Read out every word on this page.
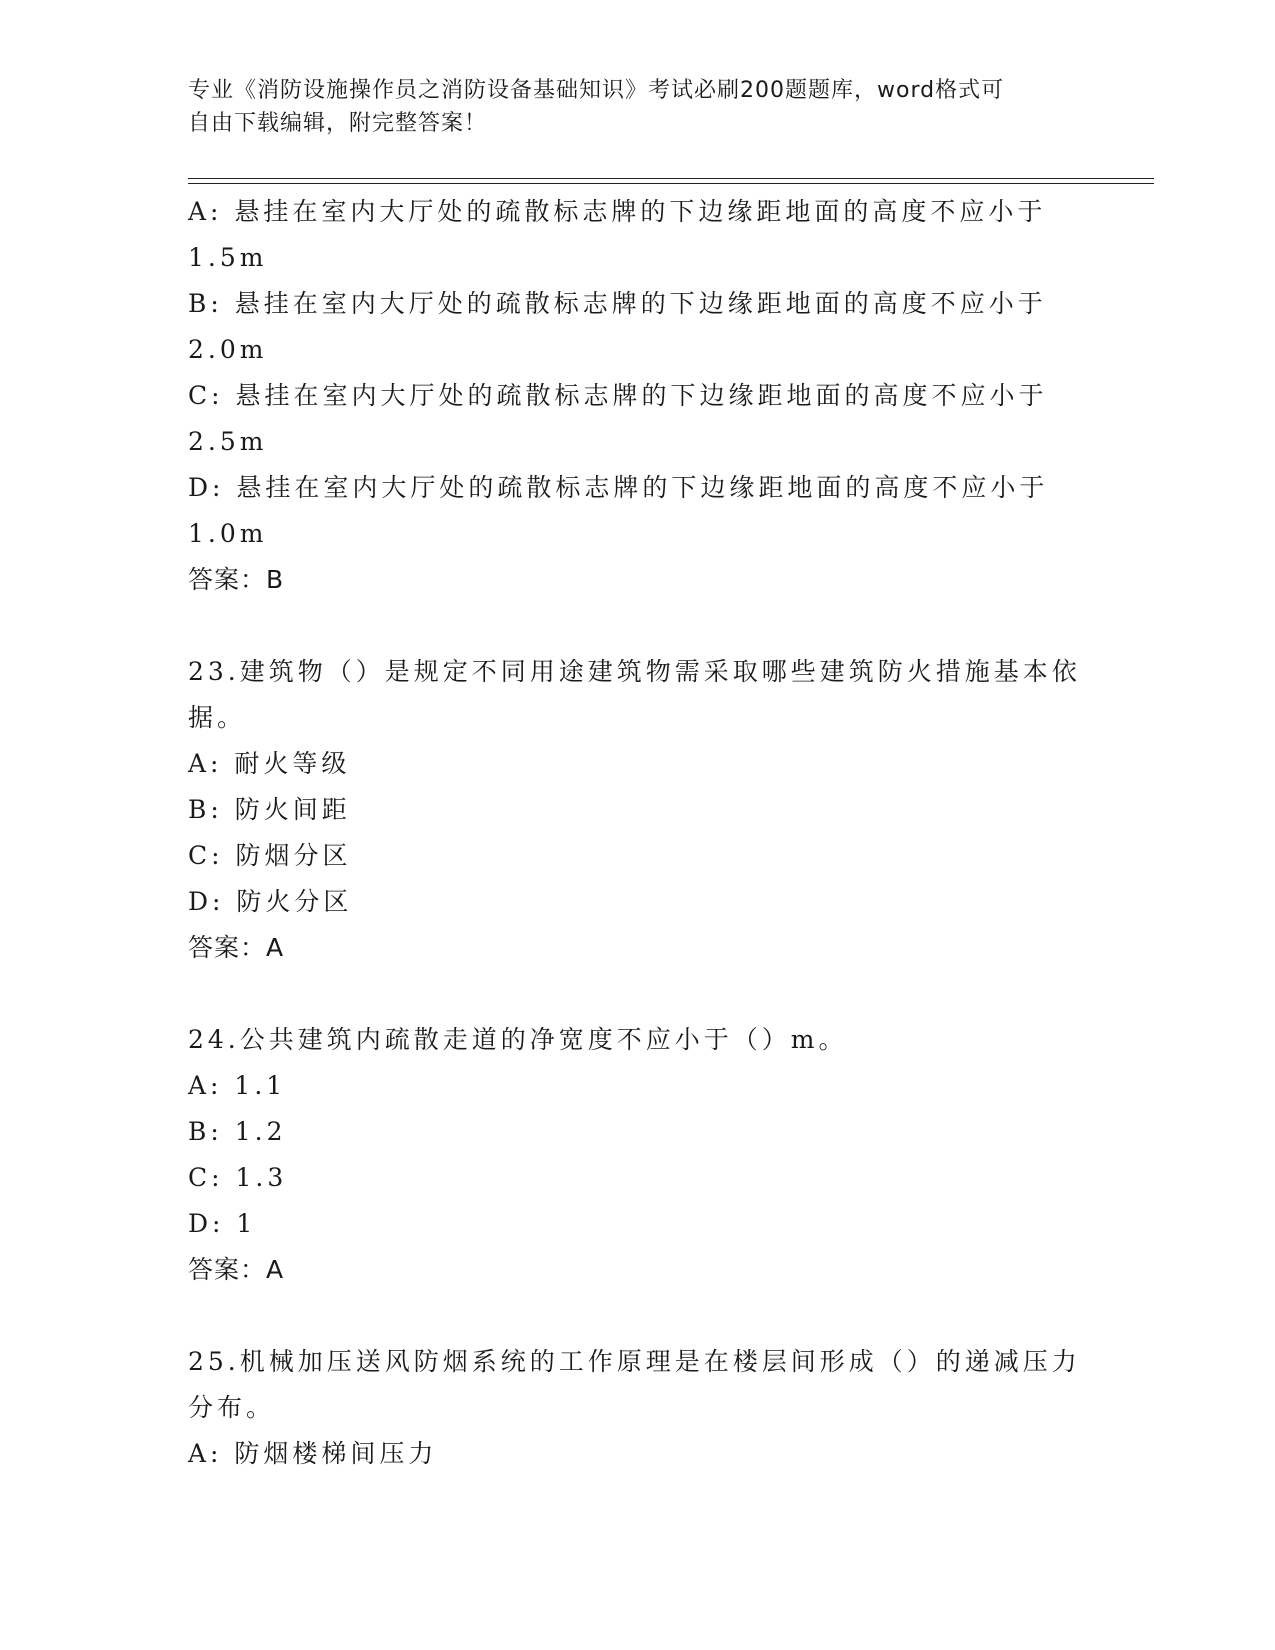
专业《消防设施操作员之消防设备基础知识》考试必刷200题题库，word格式可
自由下载编辑，附完整答案！
A: 悬挂在室内大厅处的疏散标志牌的下边缘距地面的高度不应小于
1.5m
B: 悬挂在室内大厅处的疏散标志牌的下边缘距地面的高度不应小于
2.0m
C: 悬挂在室内大厅处的疏散标志牌的下边缘距地面的高度不应小于
2.5m
D: 悬挂在室内大厅处的疏散标志牌的下边缘距地面的高度不应小于
1.0m
答案：B
23.建筑物（）是规定不同用途建筑物需采取哪些建筑防火措施基本依
据。
A: 耐火等级
B: 防火间距
C: 防烟分区
D: 防火分区
答案：A
24.公共建筑内疏散走道的净宽度不应小于（）m。
A: 1.1
B: 1.2
C: 1.3
D: 1
答案：A
25.机械加压送风防烟系统的工作原理是在楼层间形成（）的递减压力
分布。
A: 防烟楼梯间压力
